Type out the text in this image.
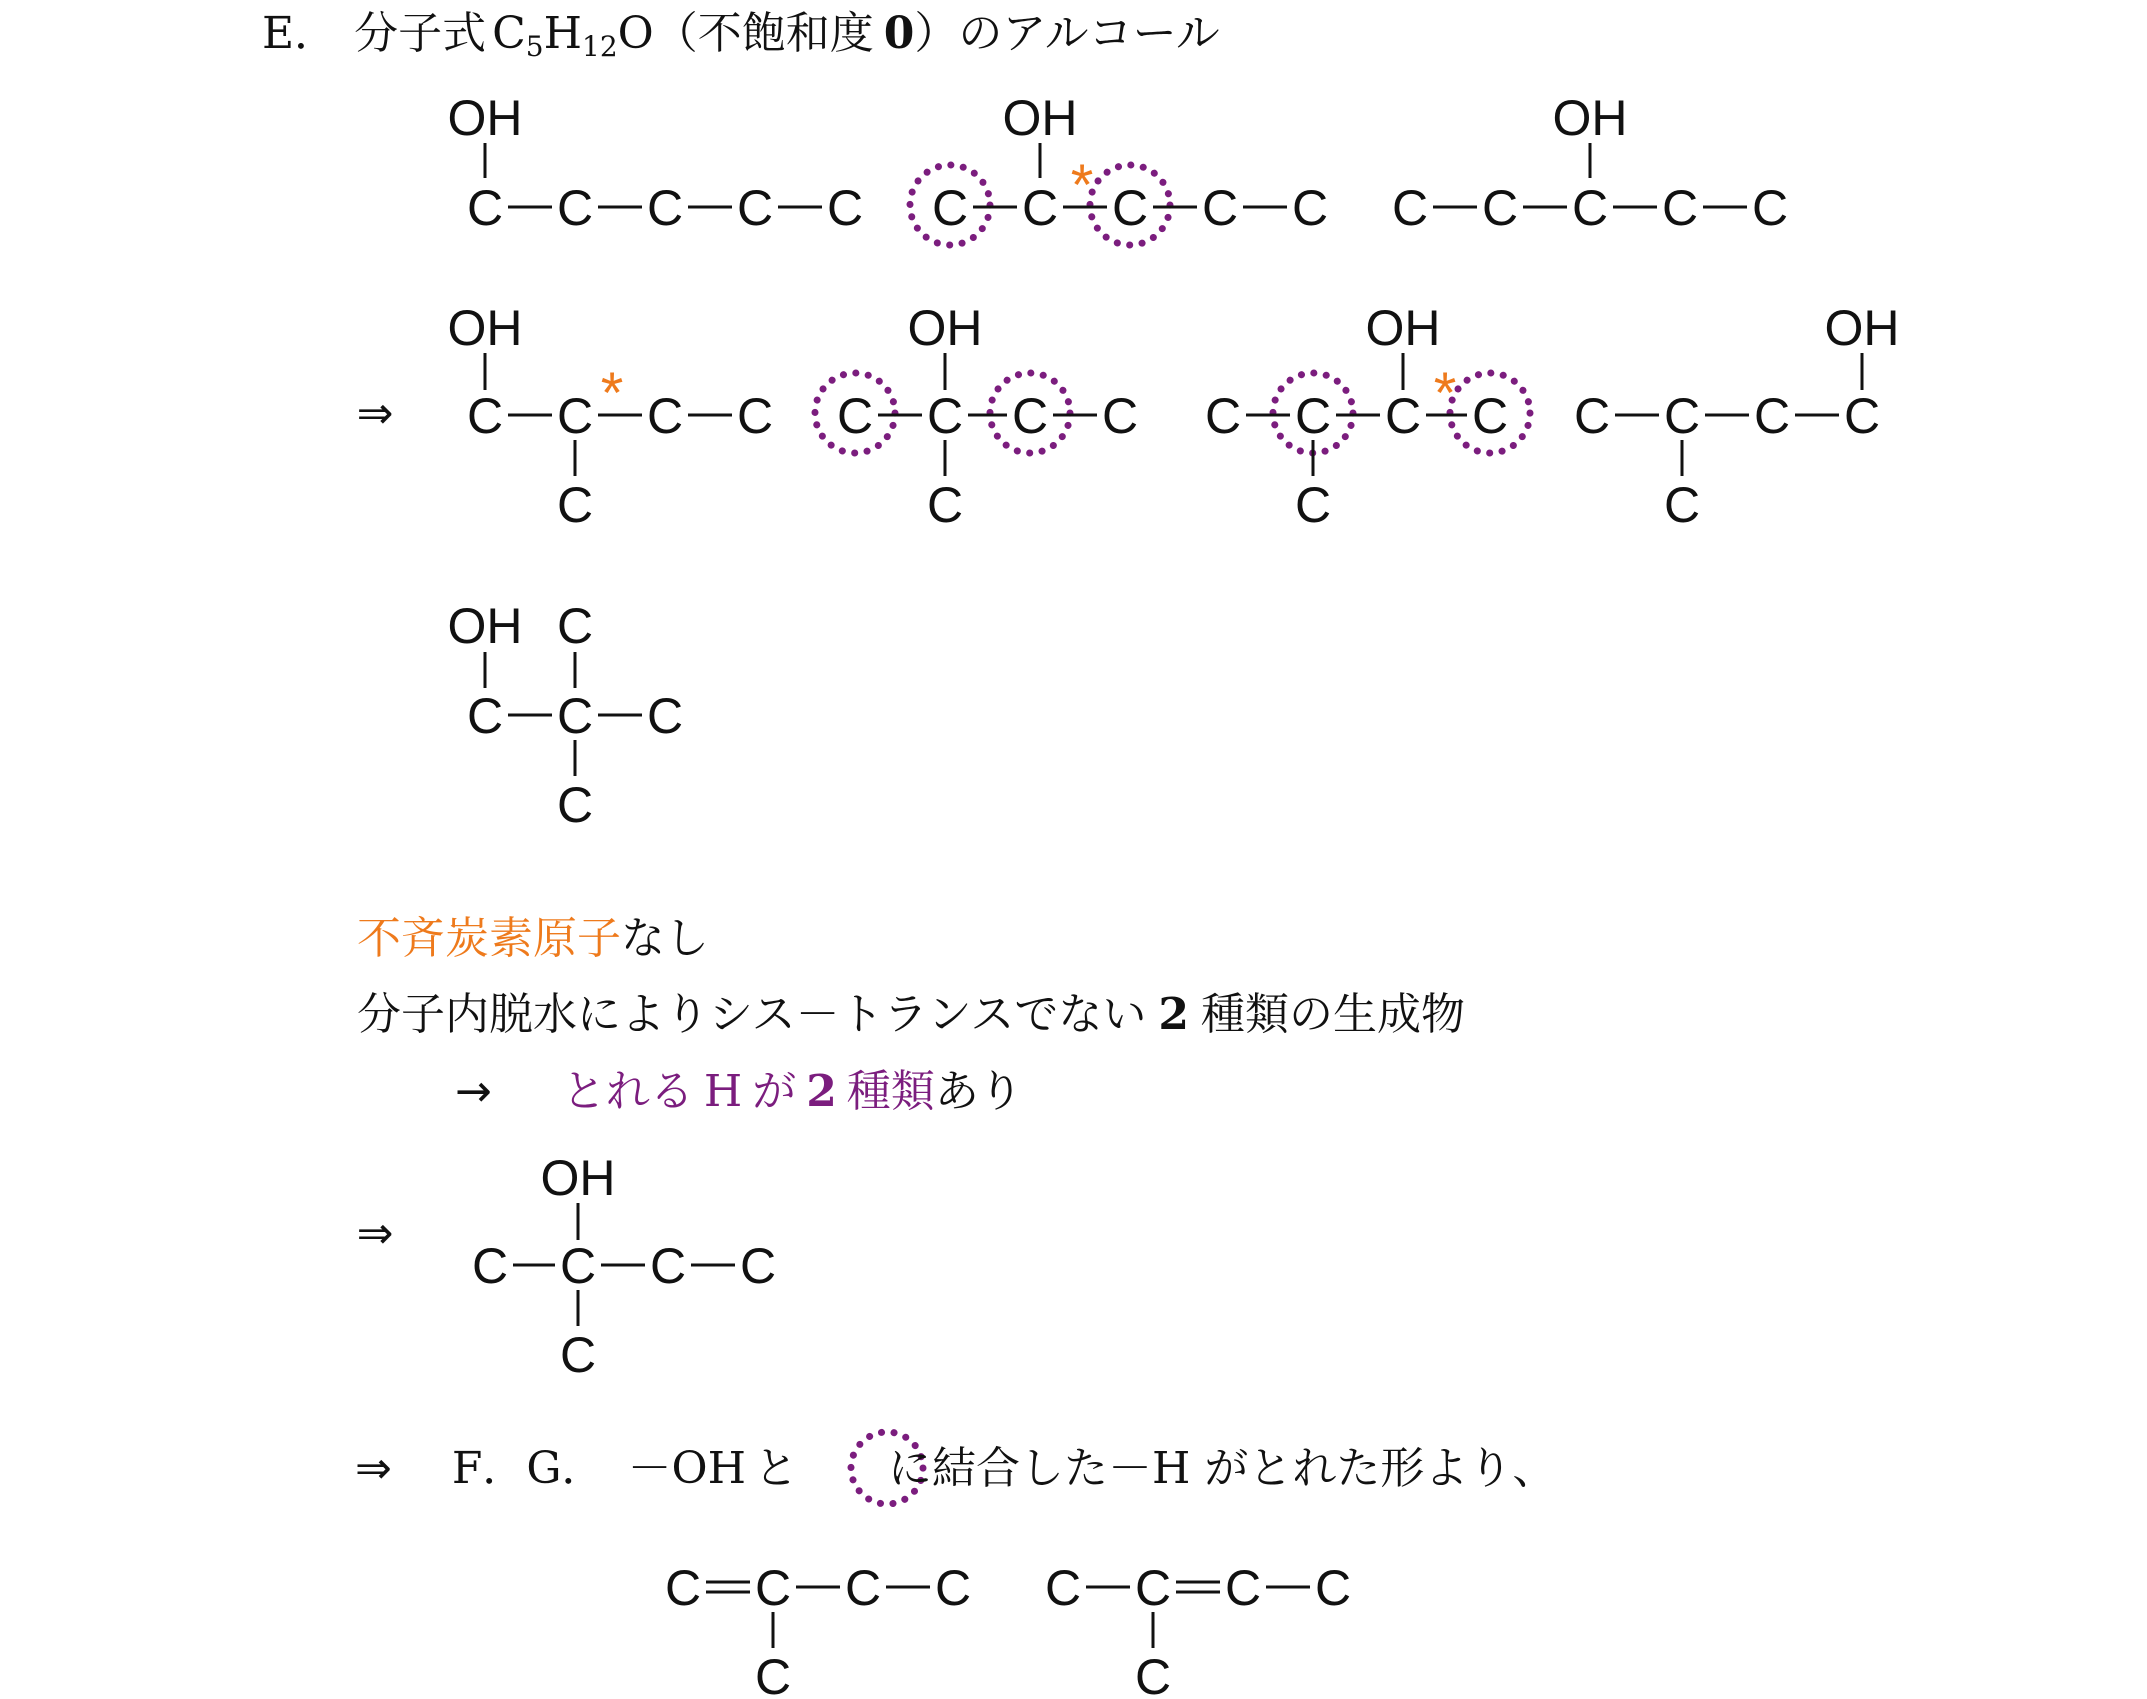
E． 分子式 C5H12O（不飽和度 0）のアルコール
OH
C C C C C
OH
C C * C C C
OH
C C C C C
⇒
OH
C C * C C
C
OH
C C C C
C
OH
C C C * C
C
OH
C C C C
C
OH C
C C C
C
⇒
OH
C C C C
C
C C C C
C
C C C C
C
不斉炭素原子なし
分子内脱水によりシス－トランスでない 2 種類の生成物
→ とれる H が 2 種類あり
⇒ F．G． －OH と に結合した－H がとれた形より、
